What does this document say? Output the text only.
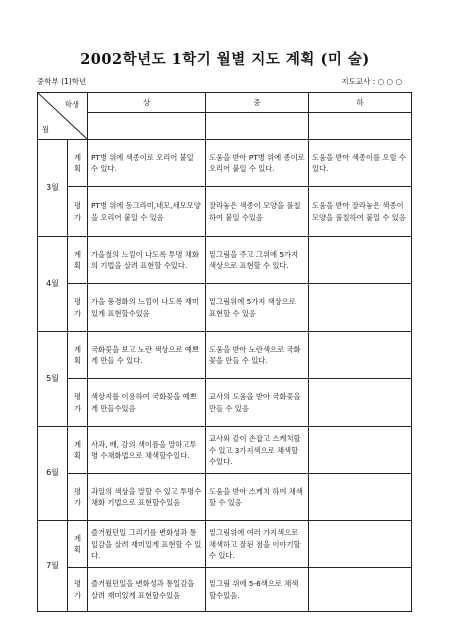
2002학년도 1학기 월별 지도 계획 (미 술)
중학부 (1)학년	지도교사 : ○ ○ ○
학생
월		상	중	하

3월	계획	PT병 위에 색종이로 오리어 붙일 수 있다.	도움을 받아 PT병 위에 종이로 오리어 붙일 수 있다.	도움을 받아 색종이를 오릴 수 있다.
	평가	PT병 위에 동그라미,네모,세모모양을 오리어 붙일 수 있음	잘라놓은 색종이 모양을 풀칠하여 붙일 수있음	도움을 받아 잘라놓은 색종이 모양을 풀칠하여 붙일 수 있음
4월	계획	가을철의 느낌이 나도록 투명 채화의 기법을 살려 표현할 수있다.	밑그림을 주고 그위에 5가지 색상으로 표현할 수 있다.	
	평가	가을 풍경화의 느낌이 나도록 재미있게 표현할수있음	밑그림위에 5가지 색상으로 표현할 수 있음	
5월	계획	국화꽃을 보고 노란 색상으로 예쁘게 만들 수 있다.	도움을 받아 노란색으로 국화꽃을 만들 수 있다.	
	평가	색상지를 이용하여 국화꽃을 예쁘게 만들수있음	교사의 도움을 받아 국화꽃을 만들 수 있음	
6월	계획	사과, 배, 감의 색이름을 말하고투명 수채화법으로 채색할수있다.	교사와 같이 손잡고 스케치할 수 있고 3가지색으로 채색할 수있다.	
	평가	과일의 색상을 말할 수 있고 투명수채화 기법으로 표현할수있음	도움을 받아 스케치 하여 채색할 수 있음	
7월	계획	즐거웠던일 그리기를 변화성과 통일감을 살려 재미있게 표현할 수 있다.	밑그림위에 여러 가지색으로 채색하고 잘된 점을 이야기할 수 있다.	
	평가	즐거웠던일을 변화성과 통일감을 살려 재미있게 표현할수있음	밑그림 위에 5-6색으로 채색할수있음.	
